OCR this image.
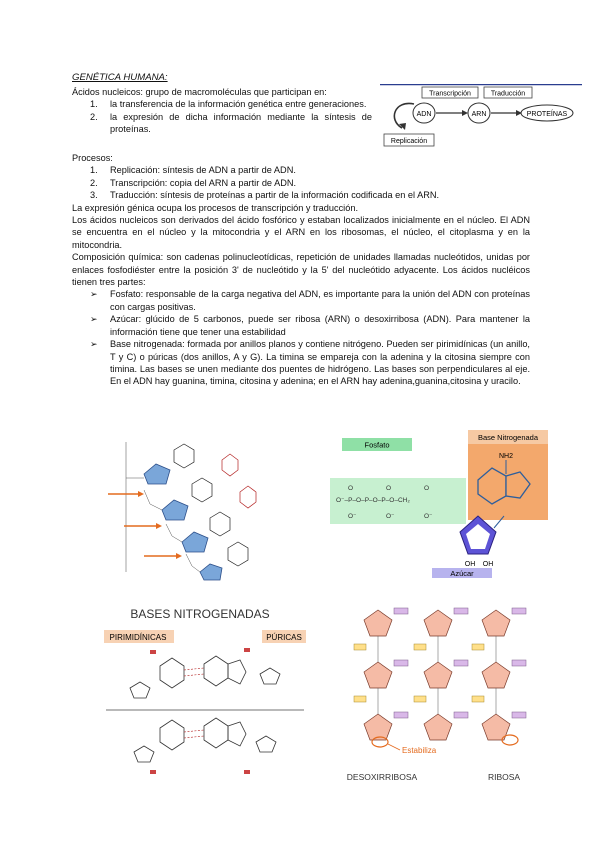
GENÉTICA HUMANA:
Ácidos nucleicos: grupo de macromoléculas que participan en:
1. la transferencia de la información genética entre generaciones.
2. la expresión de dicha información mediante la síntesis de proteínas.
Transcripción	Traducción
ADN	ARN	PROTEÍNAS
Replicación
Procesos:
1. Replicación: síntesis de ADN a partir de ADN.
2. Transcripción: copia del ARN a partir de ADN.
3. Traducción: síntesis de proteínas a partir de la información codificada en el ARN.
La expresión génica ocupa los procesos de transcripción y traducción.
Los ácidos nucleicos son derivados del ácido fosfórico y estaban localizados inicialmente en el núcleo. El ADN se encuentra en el núcleo y la mitocondria y el ARN en los ribosomas, el núcleo, el citoplasma y en la mitocondria.
Composición química: son cadenas polinucleotídicas, repetición de unidades llamadas nucleótidos, unidas por enlaces fosfodiéster entre la posición 3' de nucleótido y la 5' del nucleótido adyacente. Los ácidos nucléicos tienen tres partes:
➢ Fosfato: responsable de la carga negativa del ADN, es importante para la unión del ADN con proteínas con cargas positivas.
➢ Azúcar: glúcido de 5 carbonos, puede ser ribosa (ARN) o desoxirribosa (ADN). Para mantener la información tiene que tener una estabilidad
➢ Base nitrogenada: formada por anillos planos y contiene nitrógeno. Pueden ser pirimidínicas (un anillo, T y C) o púricas (dos anillos, A y G). La timina se empareja con la adenina y la citosina siempre con timina. Las bases se unen mediante dos puentes de hidrógeno. Las bases son perpendiculares al eje. En el ADN hay guanina, timina, citosina y adenina; en el ARN hay adenina,guanina,citosina y uracilo.
Base Nitrogenada
NH2
Fosfato
O⁻–P–O–P–O–P–O–CH₂
O	O	O
O⁻	O⁻	O⁻
OH OH
Azúcar
BASES NITROGENADAS
PIRIMIDÍNICAS	PÚRICAS
Estabiliza
DESOXIRRIBOSA	RIBOSA
